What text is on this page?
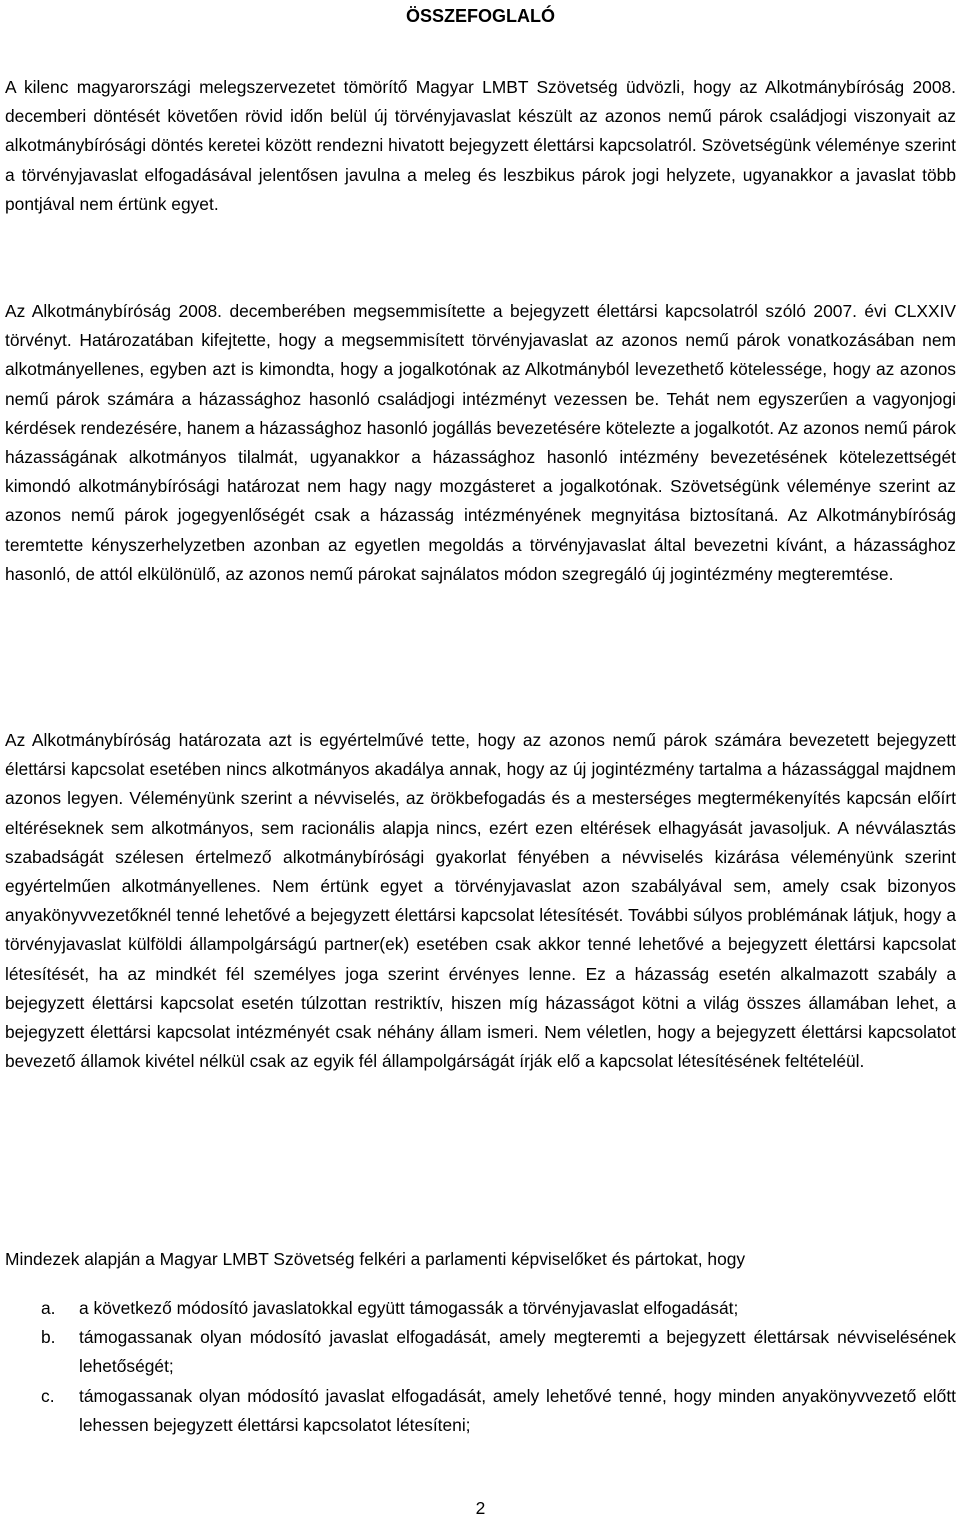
ÖSSZEFOGLALÓ

A kilenc magyarországi melegszervezetet tömörítő Magyar LMBT Szövetség üdvözli, hogy az Alkotmánybíróság 2008. decemberi döntését követően rövid időn belül új törvényjavaslat készült az azonos nemű párok családjogi viszonyait az alkotmánybírósági döntés keretei között rendezni hivatott bejegyzett élettársi kapcsolatról. Szövetségünk véleménye szerint a törvényjavaslat elfogadásával jelentősen javulna a meleg és leszbikus párok jogi helyzete, ugyanakkor a javaslat több pontjával nem értünk egyet.

Az Alkotmánybíróság 2008. decemberében megsemmisítette a bejegyzett élettársi kapcsolatról szóló 2007. évi CLXXIV törvényt. Határozatában kifejtette, hogy a megsemmisített törvényjavaslat az azonos nemű párok vonatkozásában nem alkotmányellenes, egyben azt is kimondta, hogy a jogalkotónak az Alkotmányból levezethető kötelessége, hogy az azonos nemű párok számára a házassághoz hasonló családjogi intézményt vezessen be. Tehát nem egyszerűen a vagyonjogi kérdések rendezésére, hanem a házassághoz hasonló jogállás bevezetésére kötelezte a jogalkotót. Az azonos nemű párok házasságának alkotmányos tilalmát, ugyanakkor a házassághoz hasonló intézmény bevezetésének kötelezettségét kimondó alkotmánybírósági határozat nem hagy nagy mozgásteret a jogalkotónak. Szövetségünk véleménye szerint az azonos nemű párok jogegyenlőségét csak a házasság intézményének megnyitása biztosítaná. Az Alkotmánybíróság teremtette kényszerhelyzetben azonban az egyetlen megoldás a törvényjavaslat által bevezetni kívánt, a házassághoz hasonló, de attól elkülönülő, az azonos nemű párokat sajnálatos módon szegregáló új jogintézmény megteremtése.

Az Alkotmánybíróság határozata azt is egyértelművé tette, hogy az azonos nemű párok számára bevezetett bejegyzett élettársi kapcsolat esetében nincs alkotmányos akadálya annak, hogy az új jogintézmény tartalma a házassággal majdnem azonos legyen. Véleményünk szerint a névviselés, az örökbefogadás és a mesterséges megtermékenyítés kapcsán előírt eltéréseknek sem alkotmányos, sem racionális alapja nincs, ezért ezen eltérések elhagyását javasoljuk. A névválasztás szabadságát szélesen értelmező alkotmánybírósági gyakorlat fényében a névviselés kizárása véleményünk szerint egyértelműen alkotmányellenes. Nem értünk egyet a törvényjavaslat azon szabályával sem, amely csak bizonyos anyakönyvvezetőknél tenné lehetővé a bejegyzett élettársi kapcsolat létesítését. További súlyos problémának látjuk, hogy a törvényjavaslat külföldi állampolgárságú partner(ek) esetében csak akkor tenné lehetővé a bejegyzett élettársi kapcsolat létesítését, ha az mindkét fél személyes joga szerint érvényes lenne. Ez a házasság esetén alkalmazott szabály a bejegyzett élettársi kapcsolat esetén túlzottan restriktív, hiszen míg házasságot kötni a világ összes államában lehet, a bejegyzett élettársi kapcsolat intézményét csak néhány állam ismeri. Nem véletlen, hogy a bejegyzett élettársi kapcsolatot bevezető államok kivétel nélkül csak az egyik fél állampolgárságát írják elő a kapcsolat létesítésének feltételéül.

Mindezek alapján a Magyar LMBT Szövetség felkéri a parlamenti képviselőket és pártokat, hogy

a. a következő módosító javaslatokkal együtt támogassák a törvényjavaslat elfogadását;
b. támogassanak olyan módosító javaslat elfogadását, amely megteremti a bejegyzett élettársak névviselésének lehetőségét;
c. támogassanak olyan módosító javaslat elfogadását, amely lehetővé tenné, hogy minden anyakönyvvezető előtt lehessen bejegyzett élettársi kapcsolatot létesíteni;
2
